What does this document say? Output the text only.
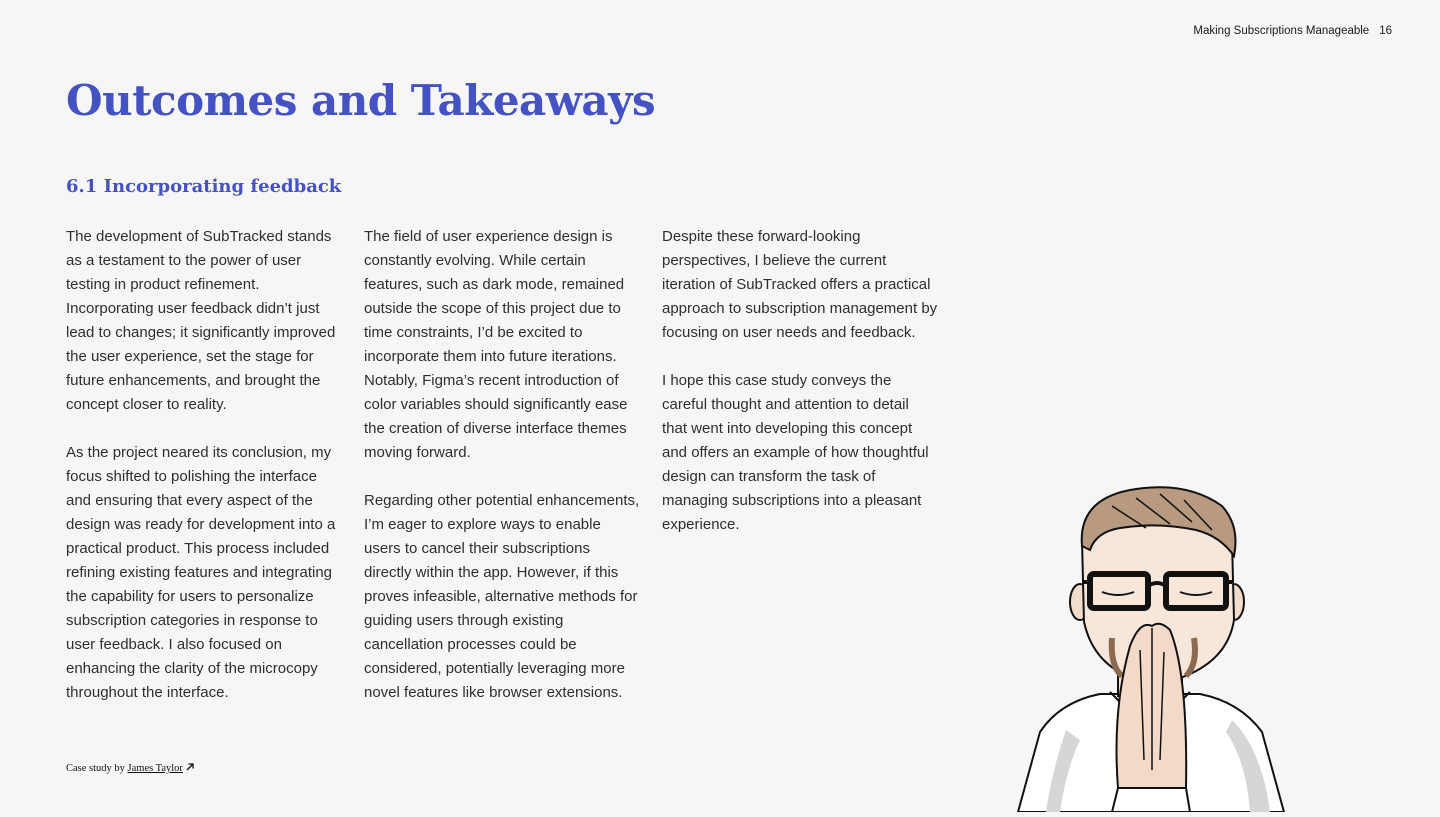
Making Subscriptions Manageable 16
Outcomes and Takeaways
6.1 Incorporating feedback

The development of SubTracked stands as a testament to the power of user testing in product refinement. Incorporating user feedback didn’t just lead to changes; it significantly improved the user experience, set the stage for future enhancements, and brought the concept closer to reality.

As the project neared its conclusion, my focus shifted to polishing the interface and ensuring that every aspect of the design was ready for development into a practical product. This process included refining existing features and integrating the capability for users to personalize subscription categories in response to user feedback. I also focused on enhancing the clarity of the microcopy throughout the interface.

The field of user experience design is constantly evolving. While certain features, such as dark mode, remained outside the scope of this project due to time constraints, I’d be excited to incorporate them into future iterations. Notably, Figma’s recent introduction of color variables should significantly ease the creation of diverse interface themes moving forward.

Regarding other potential enhancements, I’m eager to explore ways to enable users to cancel their subscriptions directly within the app. However, if this proves infeasible, alternative methods for guiding users through existing cancellation processes could be considered, potentially leveraging more novel features like browser extensions.

Despite these forward-looking perspectives, I believe the current iteration of SubTracked offers a practical approach to subscription management by focusing on user needs and feedback.

I hope this case study conveys the careful thought and attention to detail that went into developing this concept and offers an example of how thoughtful design can transform the task of managing subscriptions into a pleasant experience.

Case study by James Taylor
